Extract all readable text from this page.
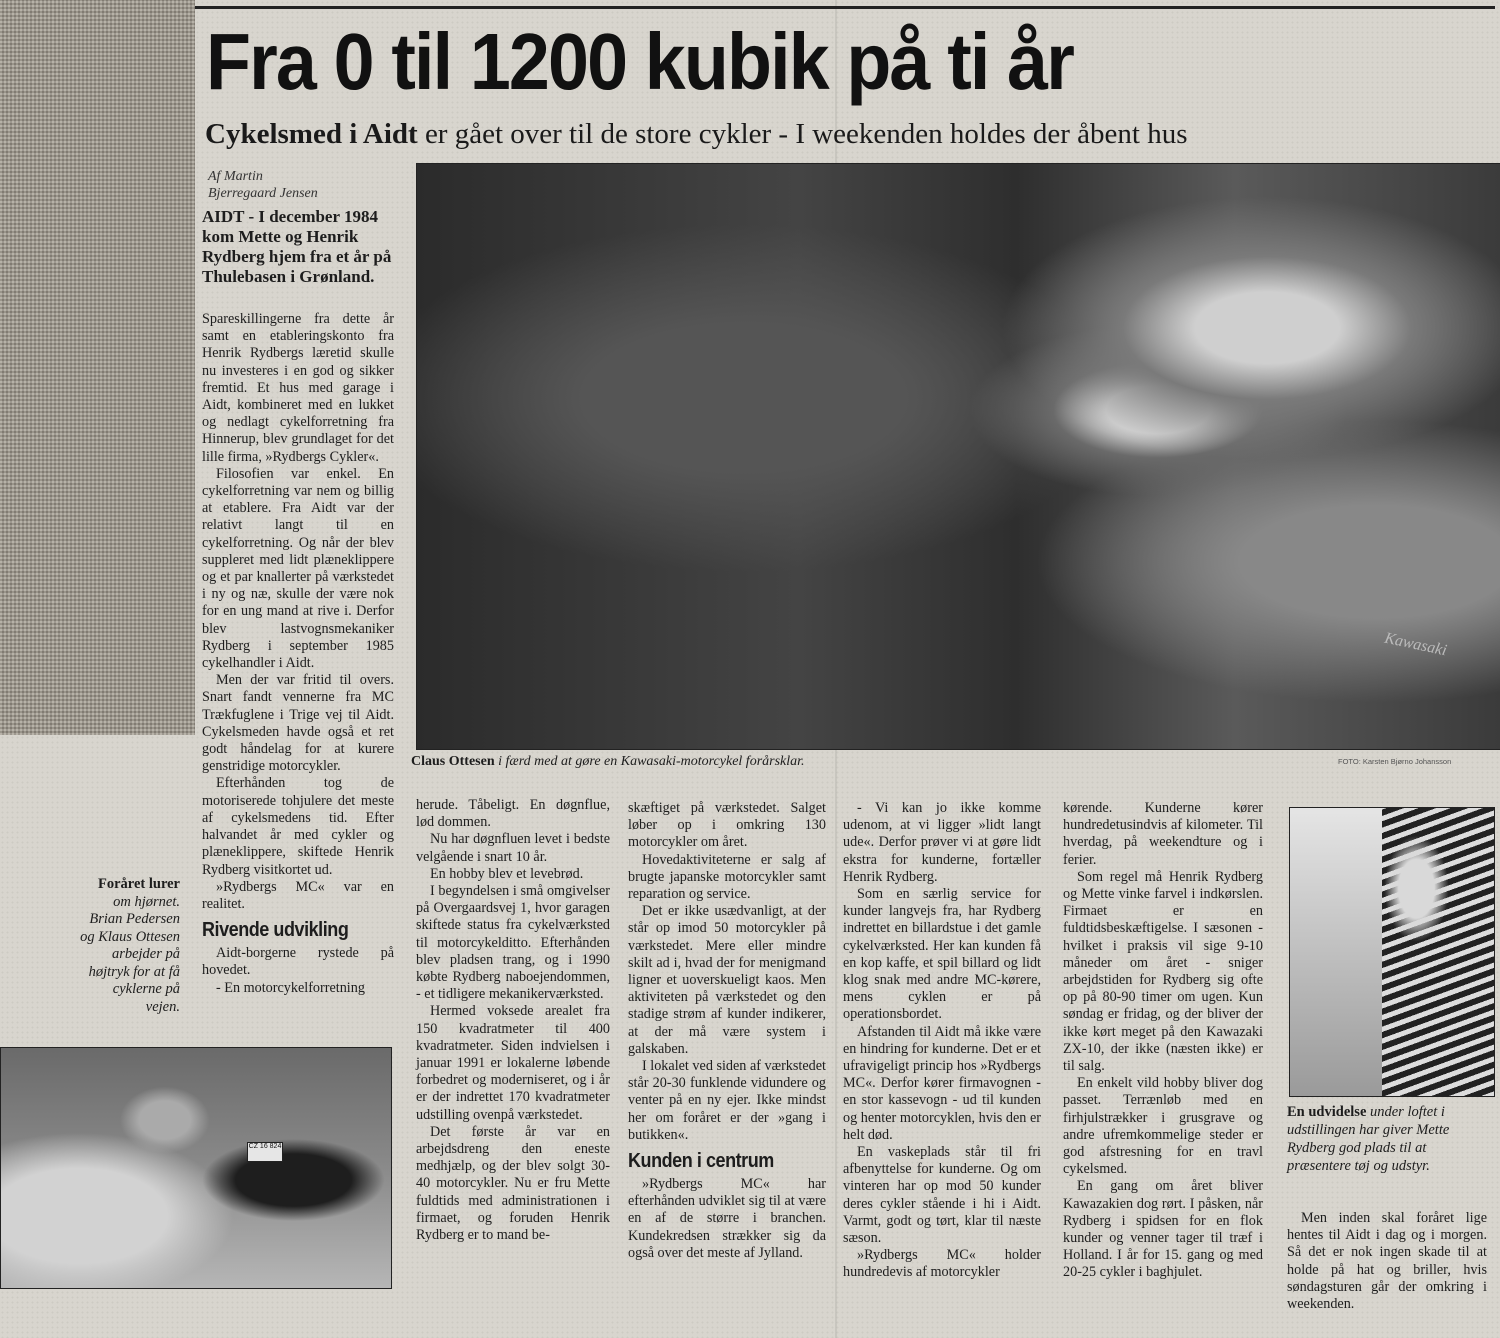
Fra 0 til 1200 kubik på ti år
Cykelsmed i Aidt er gået over til de store cykler - I weekenden holdes der åbent hus
Af Martin
Bjerregaard Jensen
AIDT - I december 1984 kom Mette og Henrik Rydberg hjem fra et år på Thulebasen i Grønland.

Spareskillingerne fra dette år samt en etableringskonto fra Henrik Rydbergs læretid skulle nu investeres i en god og sikker fremtid. Et hus med garage i Aidt, kombineret med en lukket og nedlagt cykelforretning fra Hinnerup, blev grundlaget for det lille firma, »Rydbergs Cykler«.

Filosofien var enkel. En cykelforretning var nem og billig at etablere. Fra Aidt var der relativt langt til en cykelforretning. Og når der blev suppleret med lidt plæneklippere og et par knallerter på værkstedet i ny og næ, skulle der være nok for en ung mand at rive i. Derfor blev lastvognsmekaniker Rydberg i september 1985 cykelhandler i Aidt.

Men der var fritid til overs. Snart fandt vennerne fra MC Trækfuglene i Trige vej til Aidt. Cykelsmeden havde også et ret godt håndelag for at kurere genstridige motorcykler.

Efterhånden tog de motoriserede tohjulere det meste af cykelsmedens tid. Efter halvandet år med cykler og plæneklippere, skiftede Henrik Rydberg visitkortet ud.

»Rydbergs MC« var en realitet.

Rivende udvikling

Aidt-borgerne rystede på hovedet.

- En motorcykelforretning

herude. Tåbeligt. En døgnflue, lød dommen.

Nu har døgnfluen levet i bedste velgående i snart 10 år.

En hobby blev et levebrød.

I begyndelsen i små omgivelser på Overgaardsvej 1, hvor garagen skiftede status fra cykelværksted til motorcykelditto. Efterhånden blev pladsen trang, og i 1990 købte Rydberg naboejendommen, - et tidligere mekanikerværksted.

Hermed voksede arealet fra 150 kvadratmeter til 400 kvadratmeter. Siden indvielsen i januar 1991 er lokalerne løbende forbedret og moderniseret, og i år er der indrettet 170 kvadratmeter udstilling ovenpå værkstedet.

Det første år var en arbejdsdreng den eneste medhjælp, og der blev solgt 30-40 motorcykler. Nu er fru Mette fuldtids med administrationen i firmaet, og foruden Henrik Rydberg er to mand be-

skæftiget på værkstedet. Salget løber op i omkring 130 motorcykler om året.

Hovedaktiviteterne er salg af brugte japanske motorcykler samt reparation og service.

Det er ikke usædvanligt, at der står op imod 50 motorcykler på værkstedet. Mere eller mindre skilt ad i, hvad der for menigmand ligner et uoverskueligt kaos. Men aktiviteten på værkstedet og den stadige strøm af kunder indikerer, at der må være system i galskaben.

I lokalet ved siden af værkstedet står 20-30 funklende vidundere og venter på en ny ejer. Ikke mindst her om foråret er der »gang i butikken«.

Kunden i centrum

»Rydbergs MC« har efterhånden udviklet sig til at være en af de større i branchen. Kundekredsen strækker sig da også over det meste af Jylland.

- Vi kan jo ikke komme udenom, at vi ligger »lidt langt ude«. Derfor prøver vi at gøre lidt ekstra for kunderne, fortæller Henrik Rydberg.

Som en særlig service for kunder langvejs fra, har Rydberg indrettet en billardstue i det gamle cykelværksted. Her kan kunden få en kop kaffe, et spil billard og lidt klog snak med andre MC-kørere, mens cyklen er på operationsbordet.

Afstanden til Aidt må ikke være en hindring for kunderne. Det er et ufravigeligt princip hos »Rydbergs MC«. Derfor kører firmavognen - en stor kassevogn - ud til kunden og henter motorcyklen, hvis den er helt død.

En vaskeplads står til fri afbenyttelse for kunderne. Og om vinteren har op mod 50 kunder deres cykler stående i hi i Aidt. Varmt, godt og tørt, klar til næste sæson.

»Rydbergs MC« holder hundredevis af motorcykler

kørende. Kunderne kører hundredetusindvis af kilometer. Til hverdag, på weekendture og i ferier.

Som regel må Henrik Rydberg og Mette vinke farvel i indkørslen. Firmaet er en fuldtidsbeskæftigelse. I sæsonen - hvilket i praksis vil sige 9-10 måneder om året - sniger arbejdstiden for Rydberg sig ofte op på 80-90 timer om ugen. Kun søndag er fridag, og der bliver der ikke kørt meget på den Kawazaki ZX-10, der ikke (næsten ikke) er til salg.

En enkelt vild hobby bliver dog passet. Terrænløb med en firhjulstrækker i grusgrave og andre ufremkommelige steder er god afstresning for en travl cykelsmed.

En gang om året bliver Kawazakien dog rørt. I påsken, når Rydberg i spidsen for en flok kunder og venner tager til træf i Holland. I år for 15. gang og med 20-25 cykler i baghjulet.

Men inden skal foråret lige hentes til Aidt i dag og i morgen. Så det er nok ingen skade til at holde på hat og briller, hvis søndagsturen går der omkring i weekenden.

Kawasaki
Claus Ottesen i færd med at gøre en Kawasaki-motorcykel forårsklar.	FOTO: Karsten Bjørno Johansson
Foråret lurer om hjørnet. Brian Pedersen og Klaus Ottesen arbejder på højtryk for at få cyklerne på vejen.
CZ 16 824
En udvidelse under loftet i udstillingen har giver Mette Rydberg god plads til at præsentere tøj og udstyr.
